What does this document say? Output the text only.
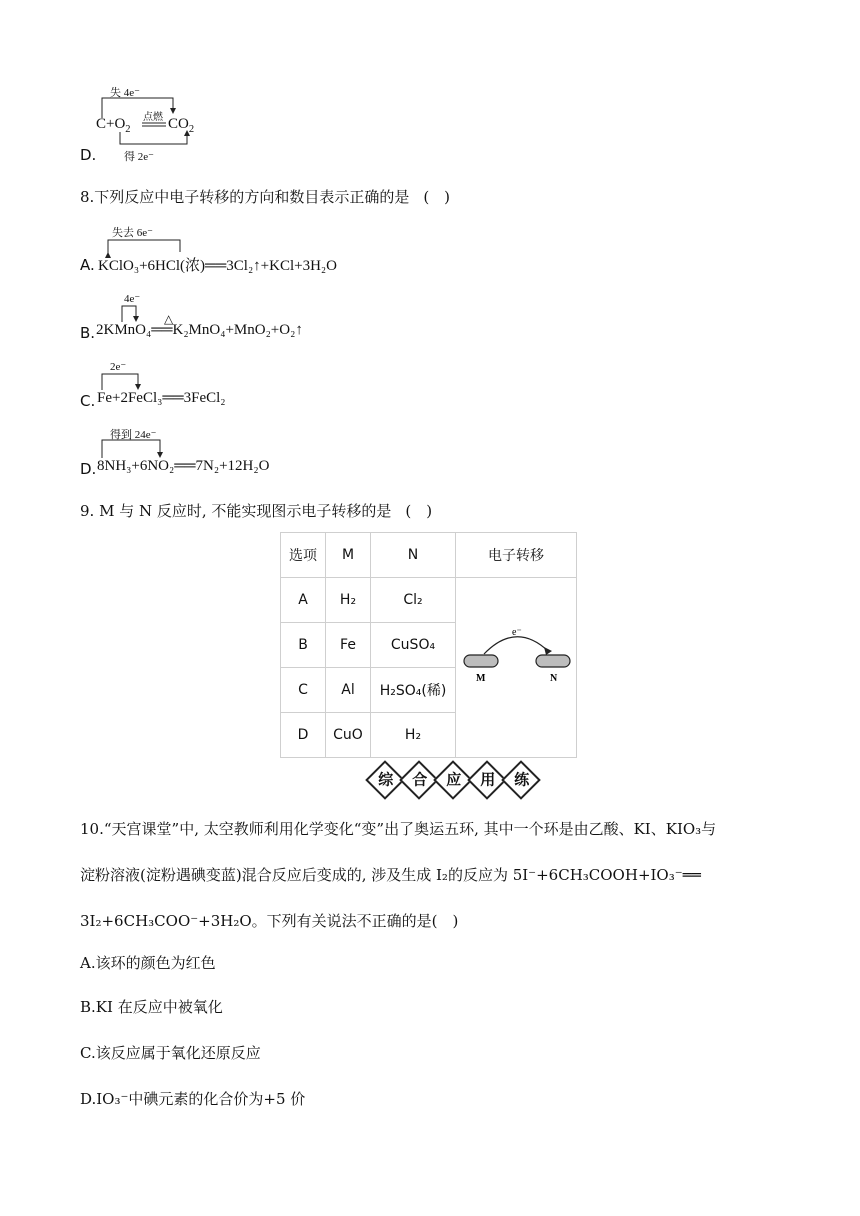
失 4e⁻
点燃
$C+O_2$ $CO_2$
得 2e⁻
D.
8.下列反应中电子转移的方向和数目表示正确的是 (　)
失去 6e⁻
A. KClO₃+6HCl(浓)══3Cl₂↑+KCl+3H₂O
4e⁻
△
B. 2KMnO₄══K₂MnO₄+MnO₂+O₂↑
2e⁻
C. Fe+2FeCl₃══3FeCl₂
得到 24e⁻
D. 8NH₃+6NO₂══7N₂+12H₂O
9. M 与 N 反应时, 不能实现图示电子转移的是 (　)
选项	M	N	电子转移
A	H₂	Cl₂	e⁻
M N

B	Fe	CuSO₄	
C	Al	H₂SO₄(稀)	
D	CuO	H₂	
综	合	应	用	练
10.“天宫课堂”中, 太空教师利用化学变化“变”出了奥运五环, 其中一个环是由乙酸、KI、KIO₃与
淀粉溶液(淀粉遇碘变蓝)混合反应后变成的, 涉及生成 I₂的反应为 5I⁻+6CH₃COOH+IO₃⁻══
3I₂+6CH₃COO⁻+3H₂O。下列有关说法不正确的是(　)
A.该环的颜色为红色
B.KI 在反应中被氧化
C.该反应属于氧化还原反应
D.IO₃⁻中碘元素的化合价为+5 价
